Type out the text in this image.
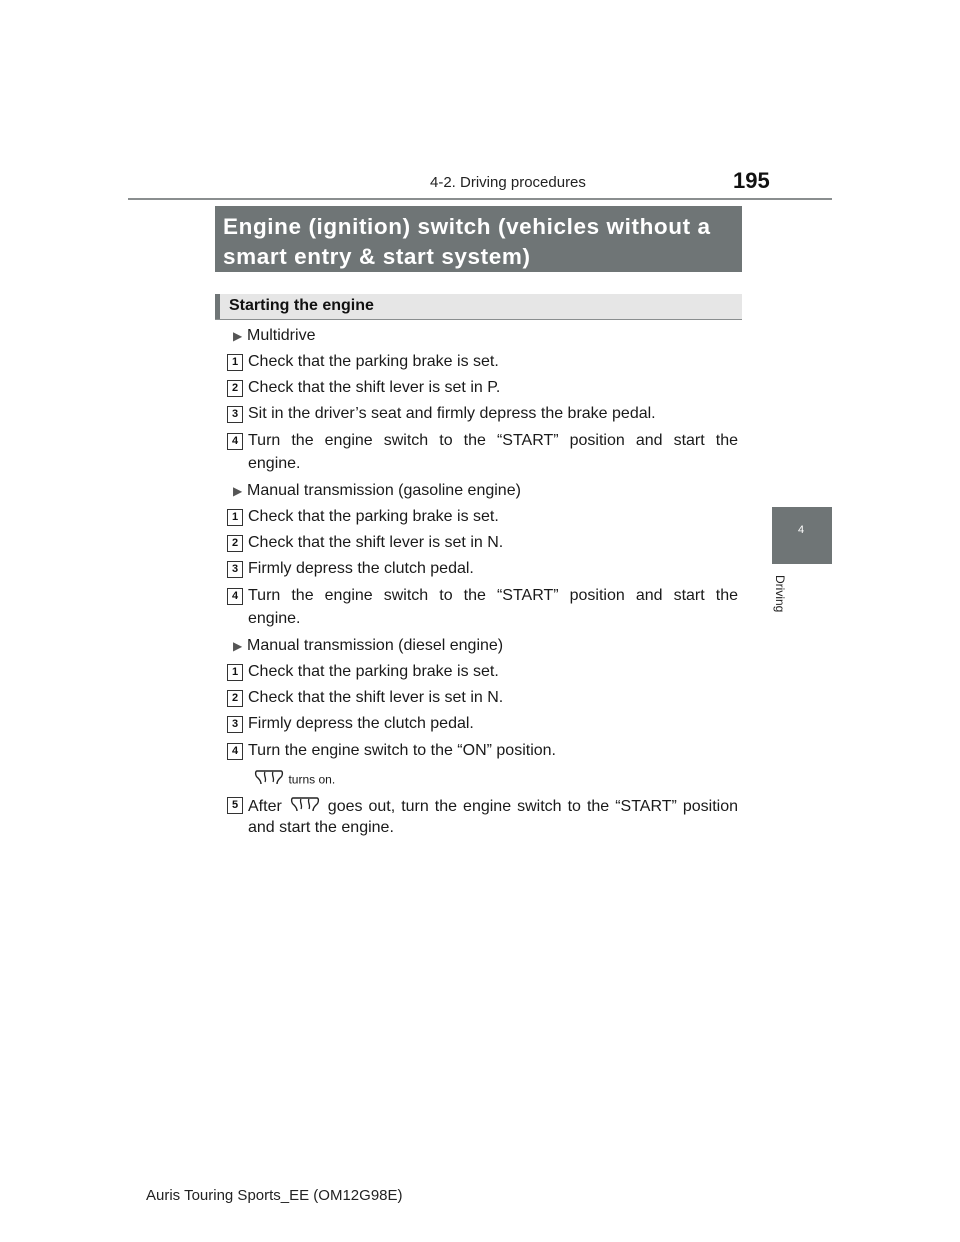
4-2. Driving procedures	195

Engine (ignition) switch (vehicles without a
smart entry & start system)

Starting the engine
4
Driving
▶ Multidrive
1 Check that the parking brake is set.
2 Check that the shift lever is set in P.
3 Sit in the driver’s seat and firmly depress the brake pedal.
4 Turn the engine switch to the “START” position and start the
engine.
▶ Manual transmission (gasoline engine)
1 Check that the parking brake is set.
2 Check that the shift lever is set in N.
3 Firmly depress the clutch pedal.
4 Turn the engine switch to the “START” position and start the
engine.
▶ Manual transmission (diesel engine)
1 Check that the parking brake is set.
2 Check that the shift lever is set in N.
3 Firmly depress the clutch pedal.
4 Turn the engine switch to the “ON” position.
turns on.
5 After	goes out, turn the engine switch to the “START” position
and start the engine.
Auris Touring Sports_EE (OM12G98E)
